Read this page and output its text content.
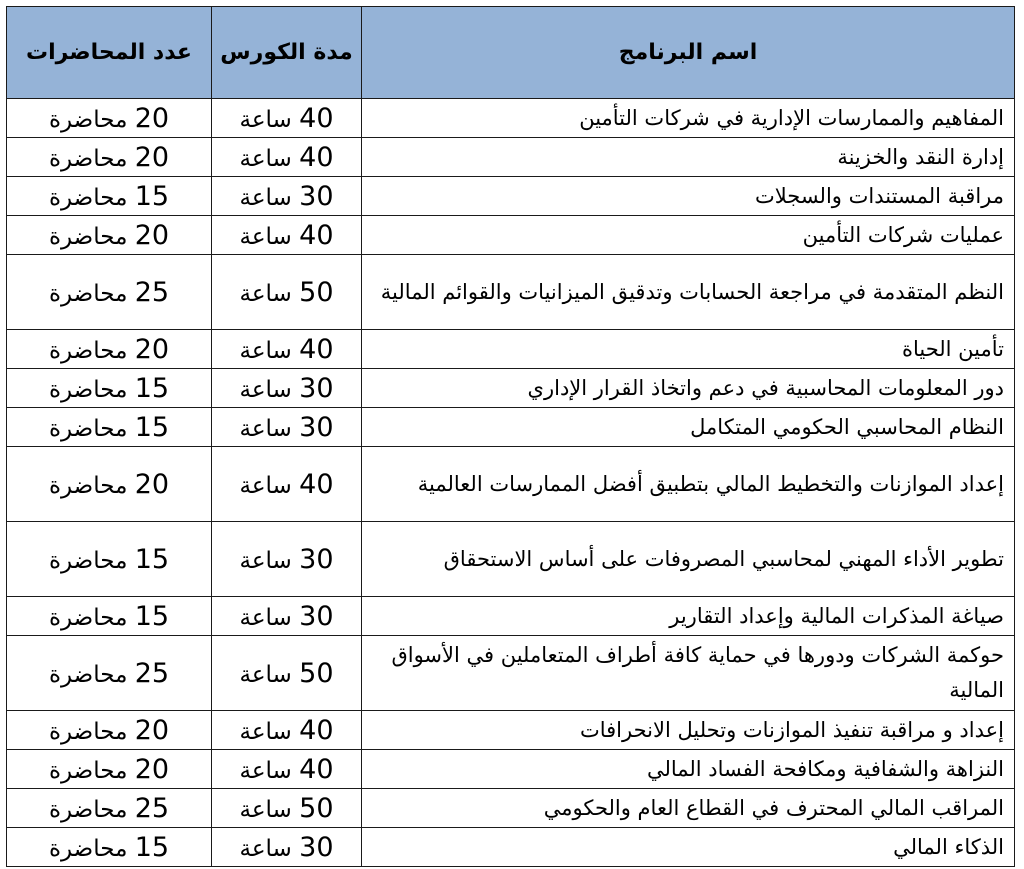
اسم البرنامج	مدة الكورس	عدد المحاضرات
المفاهيم والممارسات الإدارية في شركات التأمين	40 ساعة	20 محاضرة
إدارة النقد والخزينة	40 ساعة	20 محاضرة
مراقبة المستندات والسجلات	30 ساعة	15 محاضرة
عمليات شركات التأمين	40 ساعة	20 محاضرة
النظم المتقدمة في مراجعة الحسابات وتدقيق الميزانيات والقوائم المالية	50 ساعة	25 محاضرة
تأمين الحياة	40 ساعة	20 محاضرة
دور المعلومات المحاسبية في دعم واتخاذ القرار الإداري	30 ساعة	15 محاضرة
النظام المحاسبي الحكومي المتكامل	30 ساعة	15 محاضرة
إعداد الموازنات والتخطيط المالي بتطبيق أفضل الممارسات العالمية	40 ساعة	20 محاضرة
تطوير الأداء المهني لمحاسبي المصروفات على أساس الاستحقاق	30 ساعة	15 محاضرة
صياغة المذكرات المالية وإعداد التقارير	30 ساعة	15 محاضرة
حوكمة الشركات ودورها في حماية كافة أطراف المتعاملين في الأسواق المالية	50 ساعة	25 محاضرة
إعداد و مراقبة تنفيذ الموازنات وتحليل الانحرافات	40 ساعة	20 محاضرة
النزاهة والشفافية ومكافحة الفساد المالي	40 ساعة	20 محاضرة
المراقب المالي المحترف في القطاع العام والحكومي	50 ساعة	25 محاضرة
الذكاء المالي	30 ساعة	15 محاضرة
